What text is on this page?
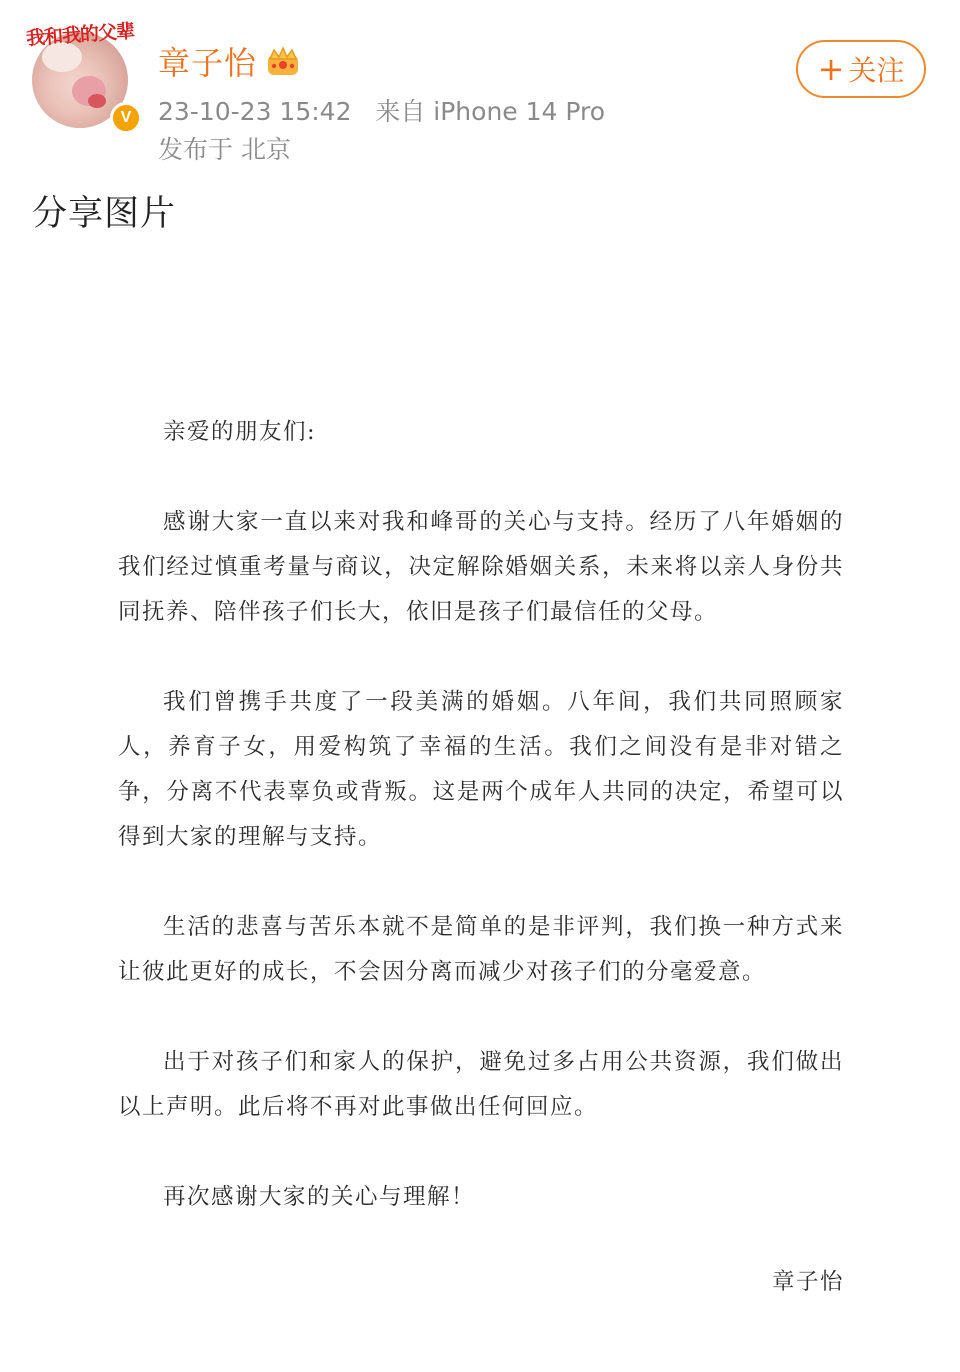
我和我的父辈
V
章子怡
23-10-23 15:42 来自 iPhone 14 Pro
发布于 北京
+ 关注
分享图片

亲爱的朋友们:

感谢大家一直以来对我和峰哥的关心与支持。经历了八年婚姻的我们经过慎重考量与商议，决定解除婚姻关系，未来将以亲人身份共同抚养、陪伴孩子们长大，依旧是孩子们最信任的父母。

我们曾携手共度了一段美满的婚姻。八年间，我们共同照顾家人，养育子女，用爱构筑了幸福的生活。我们之间没有是非对错之争，分离不代表辜负或背叛。这是两个成年人共同的决定，希望可以得到大家的理解与支持。

生活的悲喜与苦乐本就不是简单的是非评判，我们换一种方式来让彼此更好的成长，不会因分离而减少对孩子们的分毫爱意。

出于对孩子们和家人的保护，避免过多占用公共资源，我们做出以上声明。此后将不再对此事做出任何回应。

再次感谢大家的关心与理解！

章子怡
